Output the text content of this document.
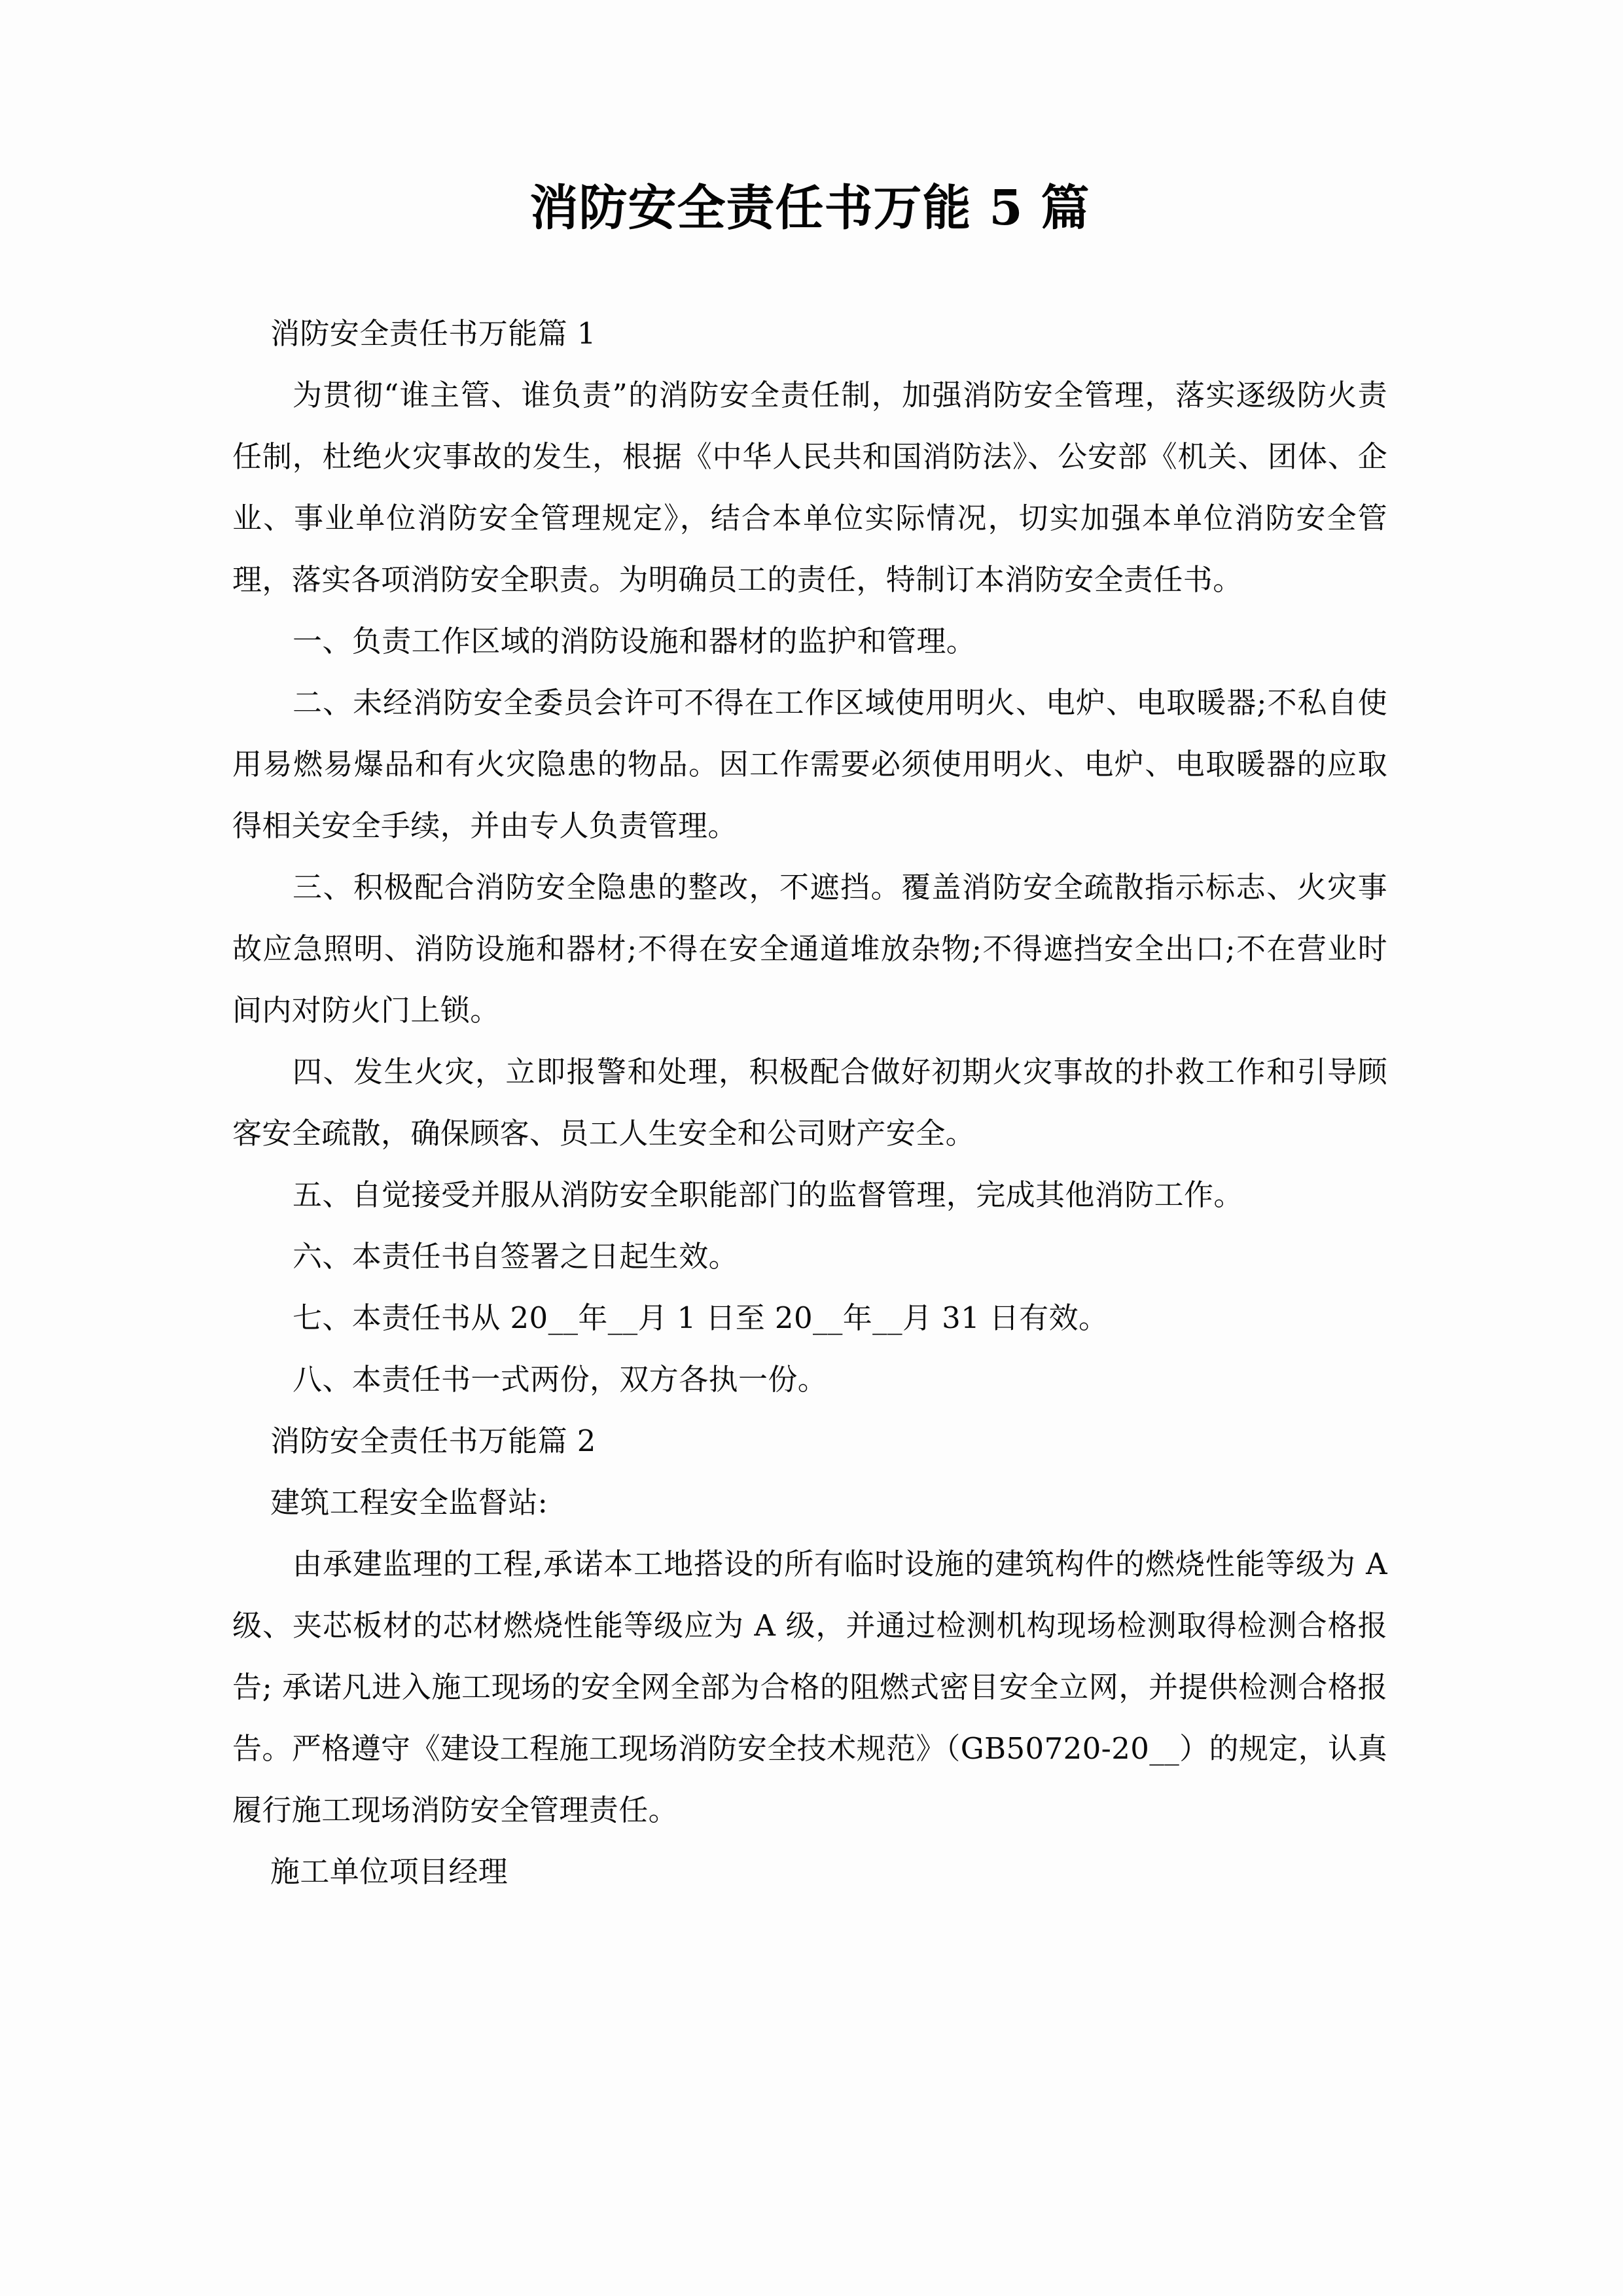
消防安全责任书万能 5 篇

消防安全责任书万能篇 1

为贯彻“谁主管、谁负责”的消防安全责任制，加强消防安全管理，落实逐级防火责任制，杜绝火灾事故的发生，根据《中华人民共和国消防法》、公安部《机关、团体、企业、事业单位消防安全管理规定》，结合本单位实际情况，切实加强本单位消防安全管理，落实各项消防安全职责。为明确员工的责任，特制订本消防安全责任书。

一、负责工作区域的消防设施和器材的监护和管理。

二、未经消防安全委员会许可不得在工作区域使用明火、电炉、电取暖器;不私自使用易燃易爆品和有火灾隐患的物品。因工作需要必须使用明火、电炉、电取暖器的应取得相关安全手续，并由专人负责管理。

三、积极配合消防安全隐患的整改，不遮挡。覆盖消防安全疏散指示标志、火灾事故应急照明、消防设施和器材;不得在安全通道堆放杂物;不得遮挡安全出口;不在营业时间内对防火门上锁。

四、发生火灾，立即报警和处理，积极配合做好初期火灾事故的扑救工作和引导顾客安全疏散，确保顾客、员工人生安全和公司财产安全。

五、自觉接受并服从消防安全职能部门的监督管理，完成其他消防工作。

六、本责任书自签署之日起生效。

七、本责任书从 20__年__月 1 日至 20__年__月 31 日有效。

八、本责任书一式两份，双方各执一份。

消防安全责任书万能篇 2

建筑工程安全监督站:

由承建监理的工程,承诺本工地搭设的所有临时设施的建筑构件的燃烧性能等级为 A 级、夹芯板材的芯材燃烧性能等级应为 A 级，并通过检测机构现场检测取得检测合格报告; 承诺凡进入施工现场的安全网全部为合格的阻燃式密目安全立网，并提供检测合格报告。严格遵守《建设工程施工现场消防安全技术规范》（GB50720-20__）的规定，认真履行施工现场消防安全管理责任。

施工单位项目经理
